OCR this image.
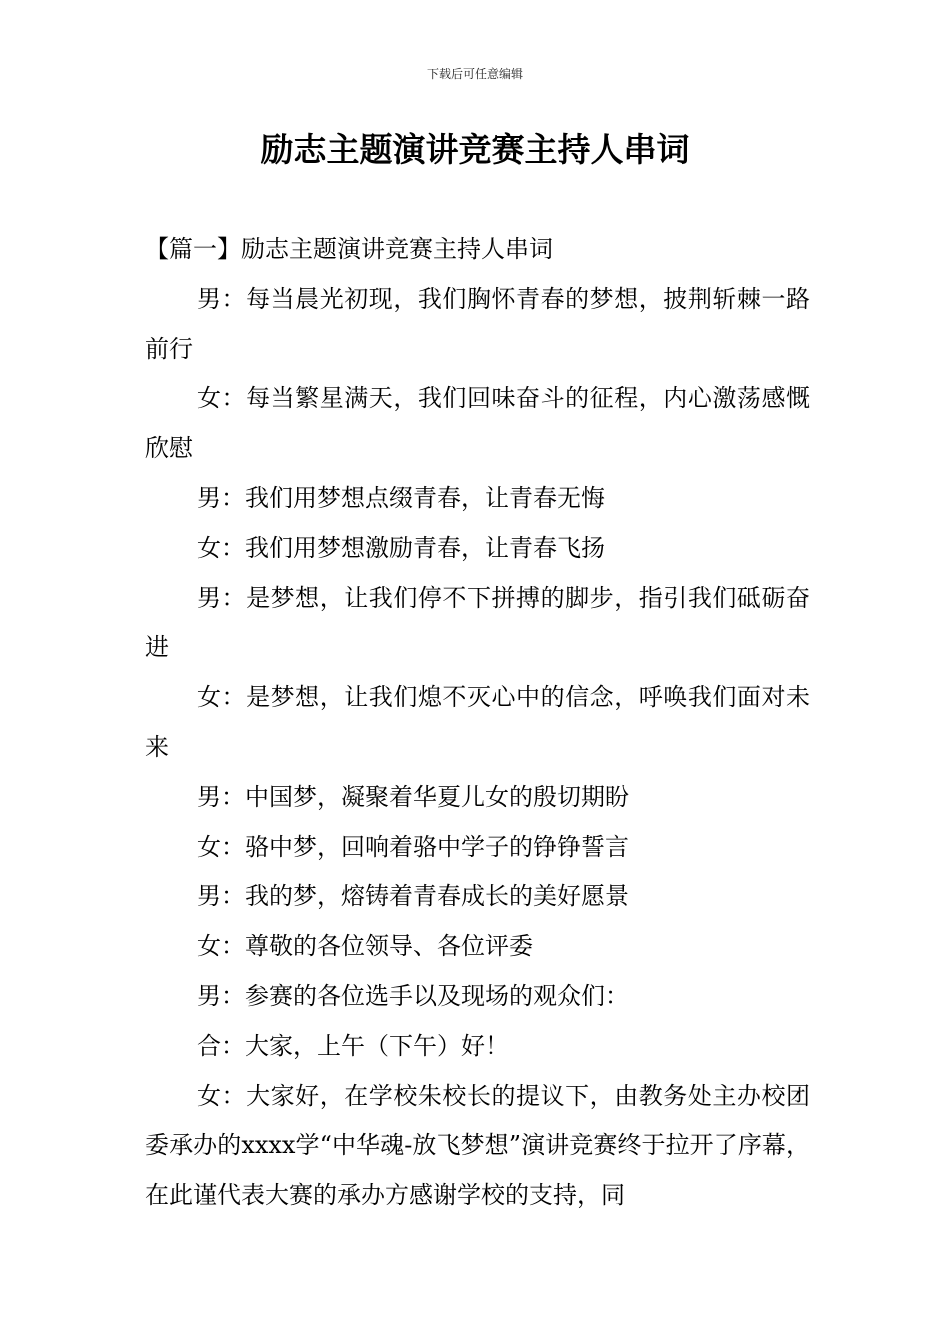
下载后可任意编辑
励志主题演讲竞赛主持人串词

【篇一】励志主题演讲竞赛主持人串词

男：每当晨光初现，我们胸怀青春的梦想，披荆斩棘一路前行

女：每当繁星满天，我们回味奋斗的征程，内心激荡感慨欣慰

男：我们用梦想点缀青春，让青春无悔

女：我们用梦想激励青春，让青春飞扬

男：是梦想，让我们停不下拼搏的脚步，指引我们砥砺奋进

女：是梦想，让我们熄不灭心中的信念，呼唤我们面对未来

男：中国梦，凝聚着华夏儿女的殷切期盼

女：骆中梦，回响着骆中学子的铮铮誓言

男：我的梦，熔铸着青春成长的美好愿景

女：尊敬的各位领导、各位评委

男：参赛的各位选手以及现场的观众们：

合：大家，上午（下午）好！

女：大家好，在学校朱校长的提议下，由教务处主办校团委承办的xxxx学“中华魂-放飞梦想”演讲竞赛终于拉开了序幕，在此谨代表大赛的承办方感谢学校的支持，同
